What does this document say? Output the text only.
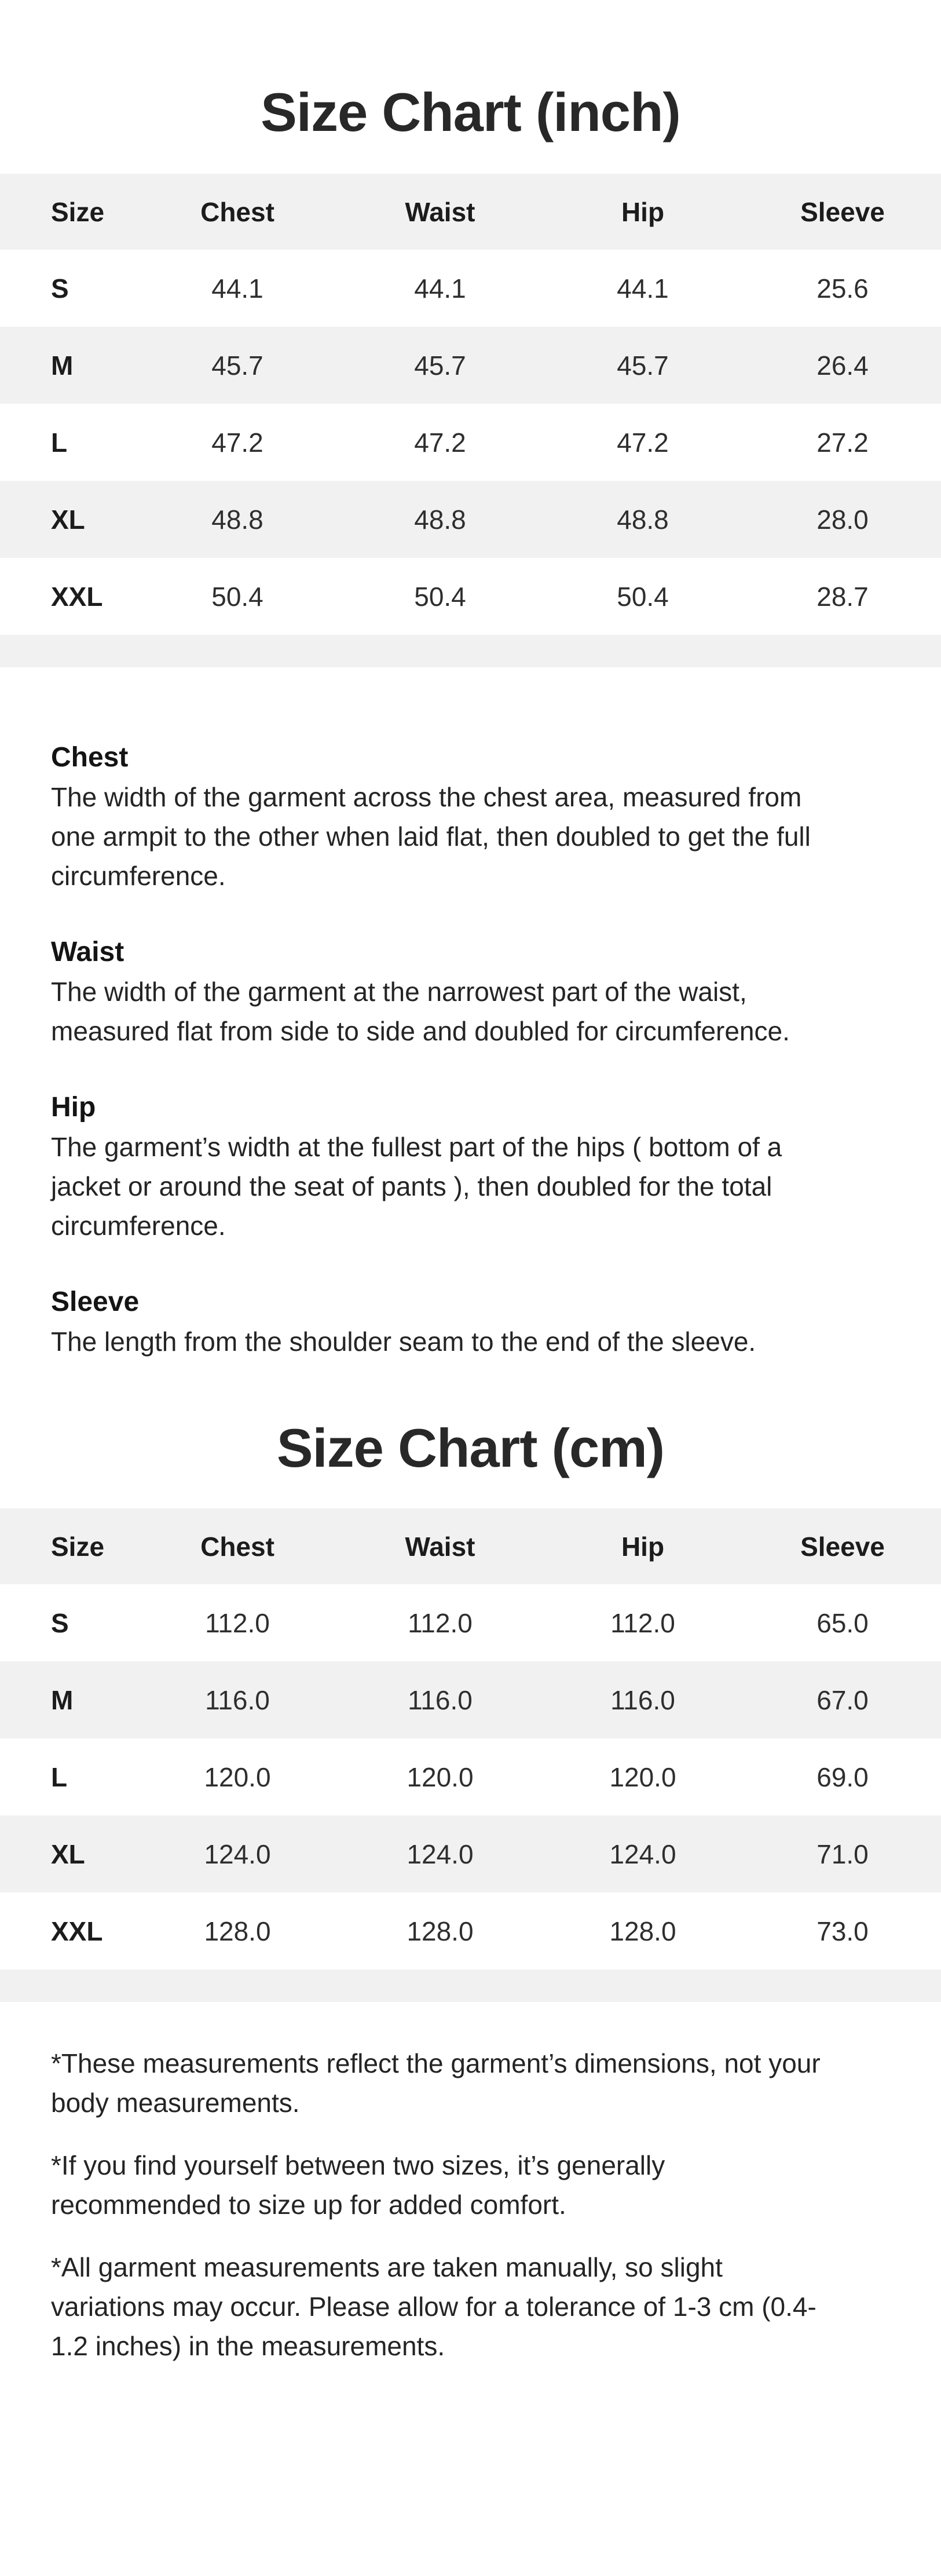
Size Chart (inch)
Size	Chest	Waist	Hip	Sleeve
S	44.1	44.1	44.1	25.6
M	45.7	45.7	45.7	26.4
L	47.2	47.2	47.2	27.2
XL	48.8	48.8	48.8	28.0
XXL	50.4	50.4	50.4	28.7

Chest

The width of the garment across the chest area, measured from one armpit to the other when laid flat, then doubled to get the full circumference.

Waist

The width of the garment at the narrowest part of the waist, measured flat from side to side and doubled for circumference.

Hip

The garment’s width at the fullest part of the hips ( bottom of a jacket or around the seat of pants ), then doubled for the total circumference.

Sleeve

The length from the shoulder seam to the end of the sleeve.

Size Chart (cm)
Size	Chest	Waist	Hip	Sleeve
S	112.0	112.0	112.0	65.0
M	116.0	116.0	116.0	67.0
L	120.0	120.0	120.0	69.0
XL	124.0	124.0	124.0	71.0
XXL	128.0	128.0	128.0	73.0

*These measurements reflect the garment’s dimensions, not your body measurements.

*If you find yourself between two sizes, it’s generally recommended to size up for added comfort.

*All garment measurements are taken manually, so slight variations may occur. Please allow for a tolerance of 1-3 cm (0.4-1.2 inches) in the measurements.
